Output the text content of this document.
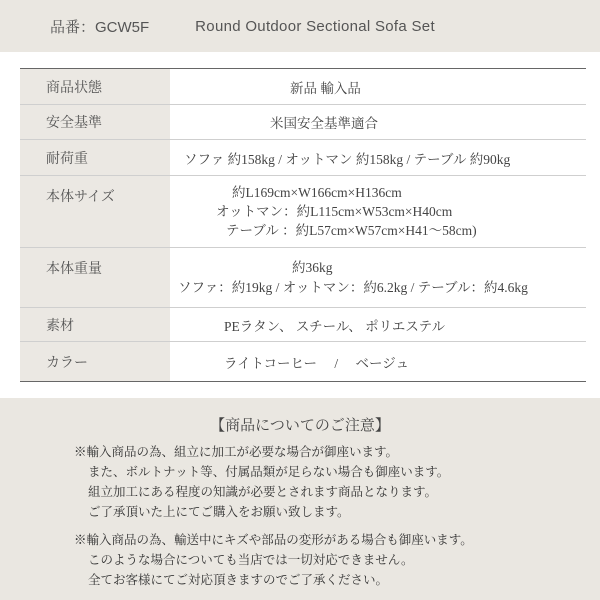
品番：GCW5F	Round Outdoor Sectional Sofa Set
商品状態	新品 輸入品

安全基準	米国安全基準適合

耐荷重	ソファ 約158kg / オットマン 約158kg / テーブル 約90kg

本体サイズ	約L169cm×W166cm×H136cm
オットマン：約L115cm×W53cm×H40cm
テーブル ：約L57cm×W57cm×H41～58cm)

本体重量	約36kg
ソファ：約19kg / オットマン：約6.2kg / テーブル：約4.6kg

素材	PEラタン、 スチール、 ポリエステル

カラー	ライトコーヒー / ベージュ
【商品についてのご注意】
※輸入商品の為、組立に加工が必要な場合が御座います。
また、ボルトナット等、付属品類が足らない場合も御座います。
組立加工にある程度の知識が必要とされます商品となります。
ご了承頂いた上にてご購入をお願い致します。
※輸入商品の為、輸送中にキズや部品の変形がある場合も御座います。
このような場合についても当店では一切対応できません。
全てお客様にてご対応頂きますのでご了承ください。
